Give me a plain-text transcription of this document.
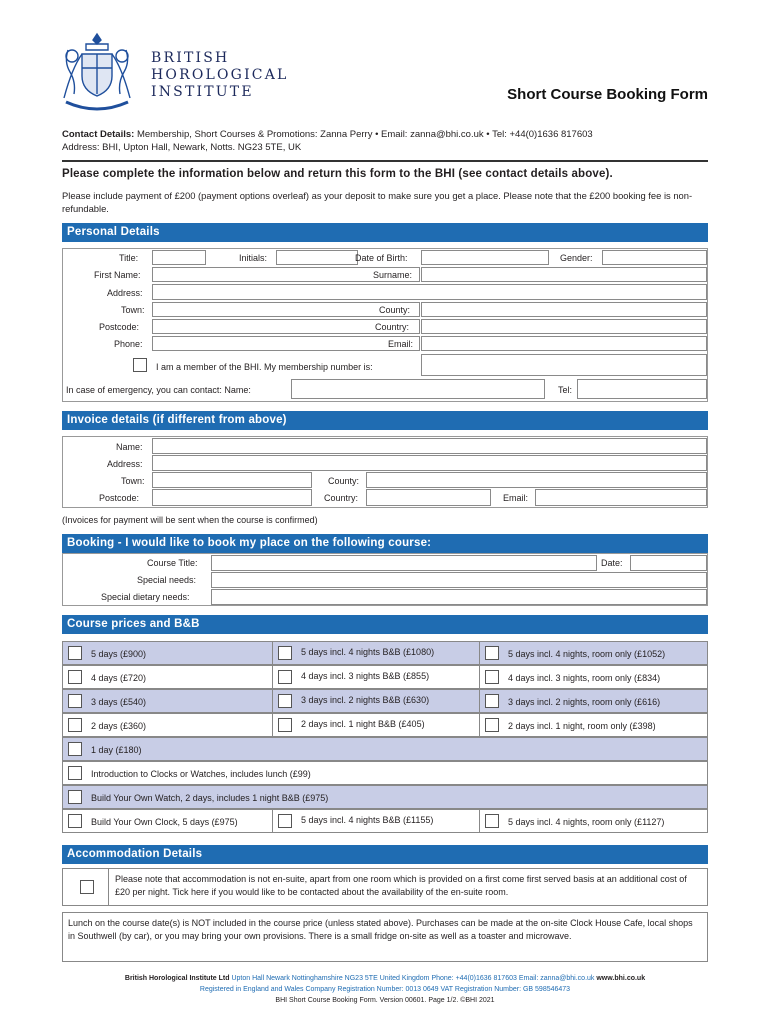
BRITISH
HOROLOGICAL
INSTITUTE	Short Course Booking Form
Contact Details: Membership, Short Courses & Promotions: Zanna Perry • Email: zanna@bhi.co.uk • Tel: +44(0)1636 817603
Address: BHI, Upton Hall, Newark, Notts. NG23 5TE, UK
Please complete the information below and return this form to the BHI (see contact details above).
Please include payment of £200 (payment options overleaf) as your deposit to make sure you get a place. Please note that the £200 booking fee is non-refundable.
Personal Details
Title:	Initials:	Date of Birth:	Gender:
First Name:	Surname:
Address:
Town:	County:
Postcode:	Country:
Phone:	Email:
I am a member of the BHI. My membership number is:
In case of emergency, you can contact: Name:	Tel:
Invoice details (if different from above)
Name:
Address:
Town:	County:
Postcode:	Country:	Email:
(Invoices for payment will be sent when the course is confirmed)
Booking - I would like to book my place on the following course:
Course Title:	Date:
Special needs:
Special dietary needs:
Course prices and B&B
5 days (£900)	5 days incl. 4 nights B&B (£1080)	5 days incl. 4 nights, room only (£1052)
4 days (£720)	4 days incl. 3 nights B&B (£855)	4 days incl. 3 nights, room only (£834)
3 days (£540)	3 days incl. 2 nights B&B (£630)	3 days incl. 2 nights, room only (£616)
2 days (£360)	2 days incl. 1 night B&B (£405)	2 days incl. 1 night, room only (£398)
1 day (£180)
Introduction to Clocks or Watches, includes lunch (£99)
Build Your Own Watch, 2 days, includes 1 night B&B (£975)
Build Your Own Clock, 5 days (£975)	5 days incl. 4 nights B&B (£1155)	5 days incl. 4 nights, room only (£1127)
Accommodation Details
Please note that accommodation is not en-suite, apart from one room which is provided on a first come first served basis at an additional cost of £20 per night. Tick here if you would like to be contacted about the availability of the en-suite room.
Lunch on the course date(s) is NOT included in the course price (unless stated above). Purchases can be made at the on-site Clock House Cafe, local shops in Southwell (by car), or you may bring your own provisions. There is a small fridge on-site as well as a toaster and microwave.
British Horological Institute Ltd Upton Hall Newark Nottinghamshire NG23 5TE United Kingdom Phone: +44(0)1636 817603 Email: zanna@bhi.co.uk www.bhi.co.uk
Registered in England and Wales Company Registration Number: 0013 0649 VAT Registration Number: GB 598546473
BHI Short Course Booking Form. Version 00601. Page 1/2. ©BHI 2021
